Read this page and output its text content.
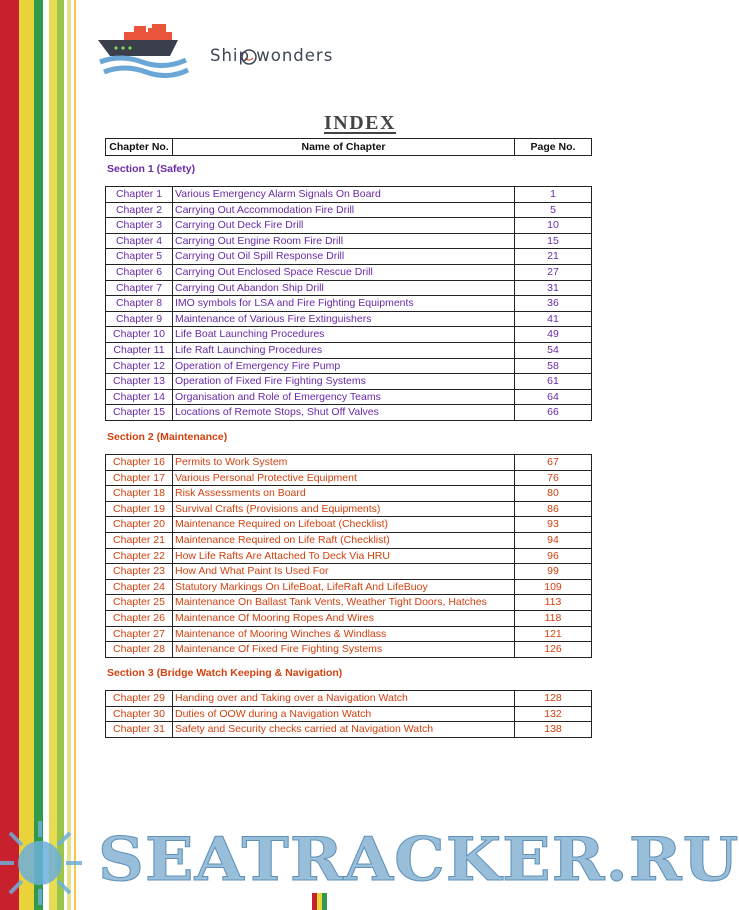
Ship wonders
INDEX
Chapter No.	Name of Chapter	Page No.
Section 1 (Safety)
Chapter 1	Various Emergency Alarm Signals On Board	1
Chapter 2	Carrying Out Accommodation Fire Drill	5
Chapter 3	Carrying Out Deck Fire Drill	10
Chapter 4	Carrying Out Engine Room Fire Drill	15
Chapter 5	Carrying Out Oil Spill Response Drill	21
Chapter 6	Carrying Out Enclosed Space Rescue Drill	27
Chapter 7	Carrying Out Abandon Ship Drill	31
Chapter 8	IMO symbols for LSA and Fire Fighting Equipments	36
Chapter 9	Maintenance of Various Fire Extinguishers	41
Chapter 10	Life Boat Launching Procedures	49
Chapter 11	Life Raft Launching Procedures	54
Chapter 12	Operation of Emergency Fire Pump	58
Chapter 13	Operation of Fixed Fire Fighting Systems	61
Chapter 14	Organisation and Role of Emergency Teams	64
Chapter 15	Locations of Remote Stops, Shut Off Valves	66
Section 2 (Maintenance)
Chapter 16	Permits to Work System	67
Chapter 17	Various Personal Protective Equipment	76
Chapter 18	Risk Assessments on Board	80
Chapter 19	Survival Crafts (Provisions and Equipments)	86
Chapter 20	Maintenance Required on Lifeboat (Checklist)	93
Chapter 21	Maintenance Required on Life Raft (Checklist)	94
Chapter 22	How Life Rafts Are Attached To Deck Via HRU	96
Chapter 23	How And What Paint Is Used For	99
Chapter 24	Statutory Markings On LifeBoat, LifeRaft And LifeBuoy	109
Chapter 25	Maintenance On Ballast Tank Vents, Weather Tight Doors, Hatches	113
Chapter 26	Maintenance Of Mooring Ropes And Wires	118
Chapter 27	Maintenance of Mooring Winches & Windlass	121
Chapter 28	Maintenance Of Fixed Fire Fighting Systems	126
Section 3 (Bridge Watch Keeping & Navigation)
Chapter 29	Handing over and Taking over a Navigation Watch	128
Chapter 30	Duties of OOW during a Navigation Watch	132
Chapter 31	Safety and Security checks carried at Navigation Watch	138
SEATRACKER.RU
